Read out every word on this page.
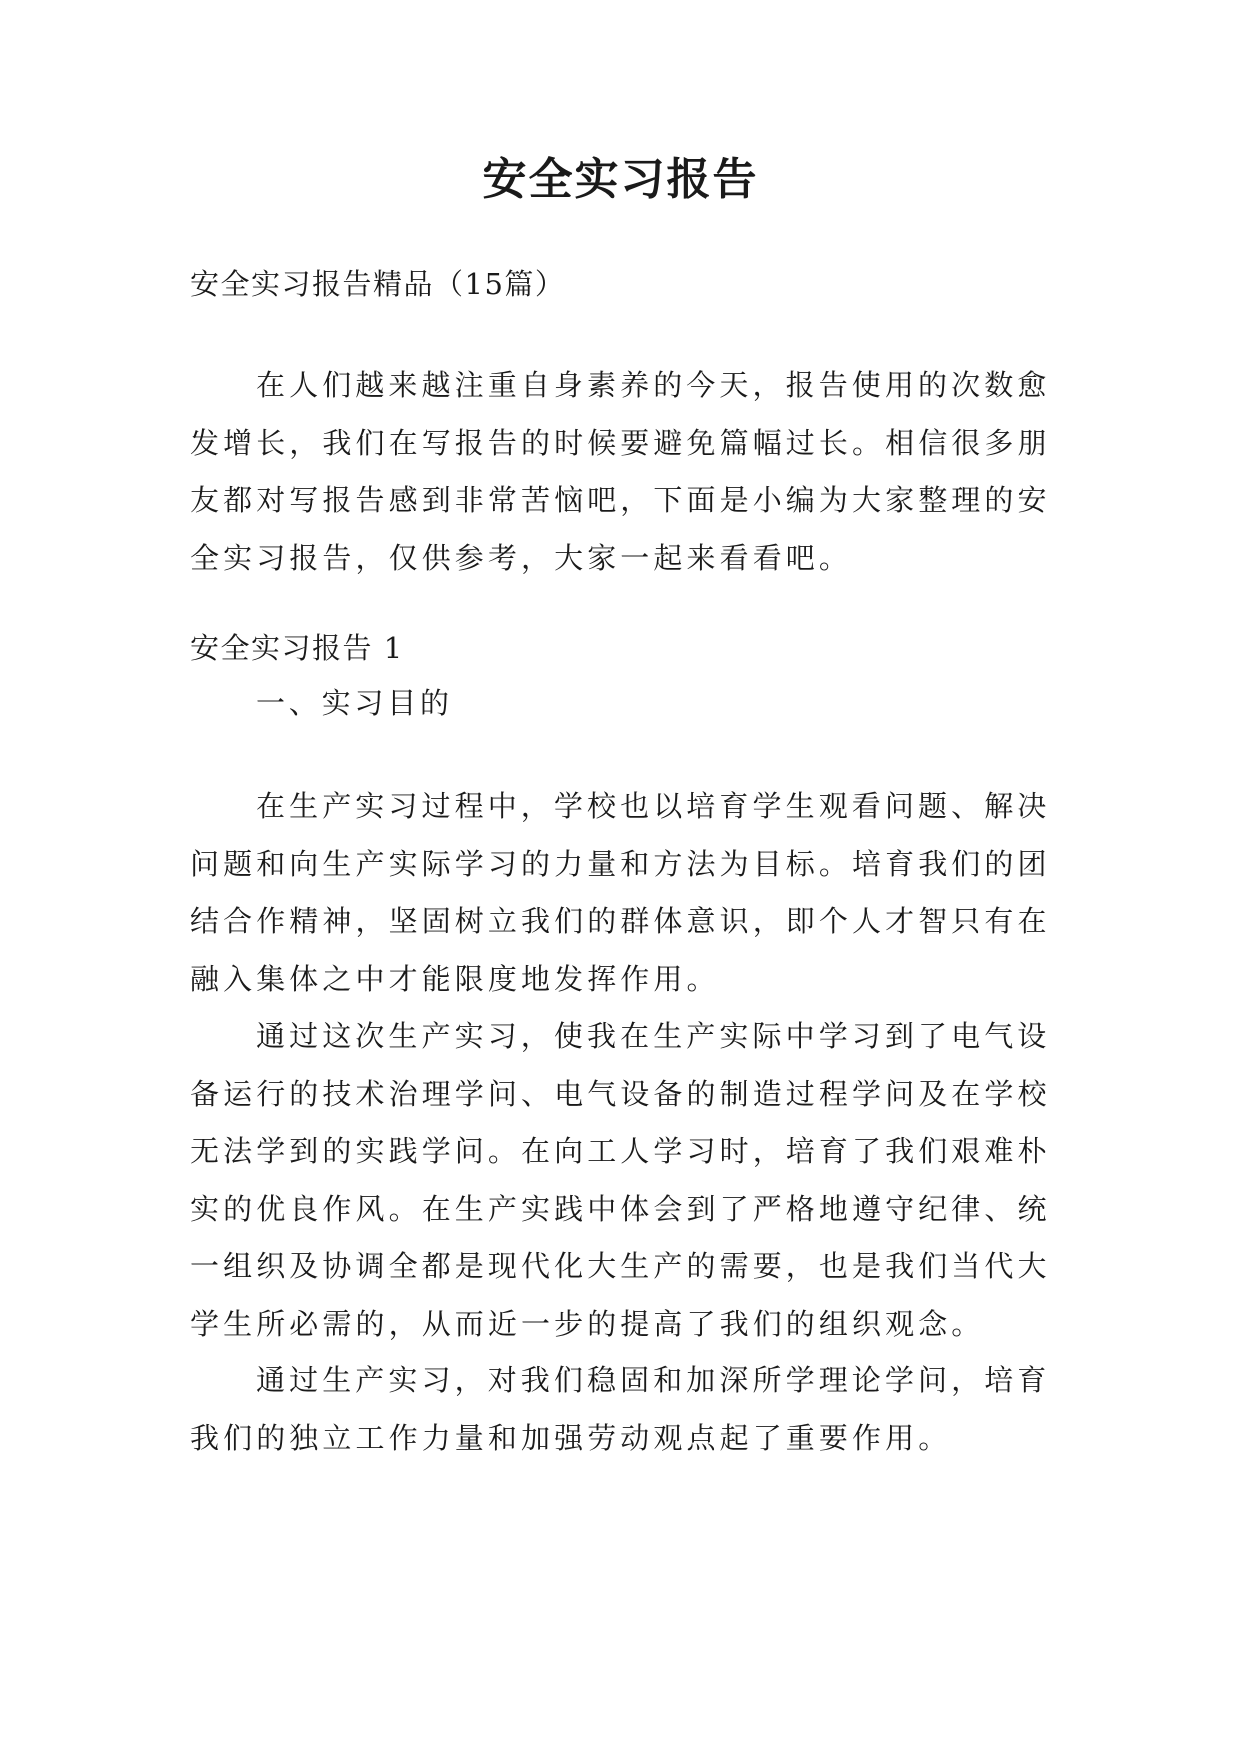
安全实习报告

安全实习报告精品（15篇）

在人们越来越注重自身素养的今天，报告使用的次数愈
发增长，我们在写报告的时候要避免篇幅过长。相信很多朋
友都对写报告感到非常苦恼吧，下面是小编为大家整理的安
全实习报告，仅供参考，大家一起来看看吧。

安全实习报告 1

一、实习目的

在生产实习过程中，学校也以培育学生观看问题、解决
问题和向生产实际学习的力量和方法为目标。培育我们的团
结合作精神，坚固树立我们的群体意识，即个人才智只有在
融入集体之中才能限度地发挥作用。
通过这次生产实习，使我在生产实际中学习到了电气设
备运行的技术治理学问、电气设备的制造过程学问及在学校
无法学到的实践学问。在向工人学习时，培育了我们艰难朴
实的优良作风。在生产实践中体会到了严格地遵守纪律、统
一组织及协调全都是现代化大生产的需要，也是我们当代大
学生所必需的，从而近一步的提高了我们的组织观念。
通过生产实习，对我们稳固和加深所学理论学问，培育
我们的独立工作力量和加强劳动观点起了重要作用。
